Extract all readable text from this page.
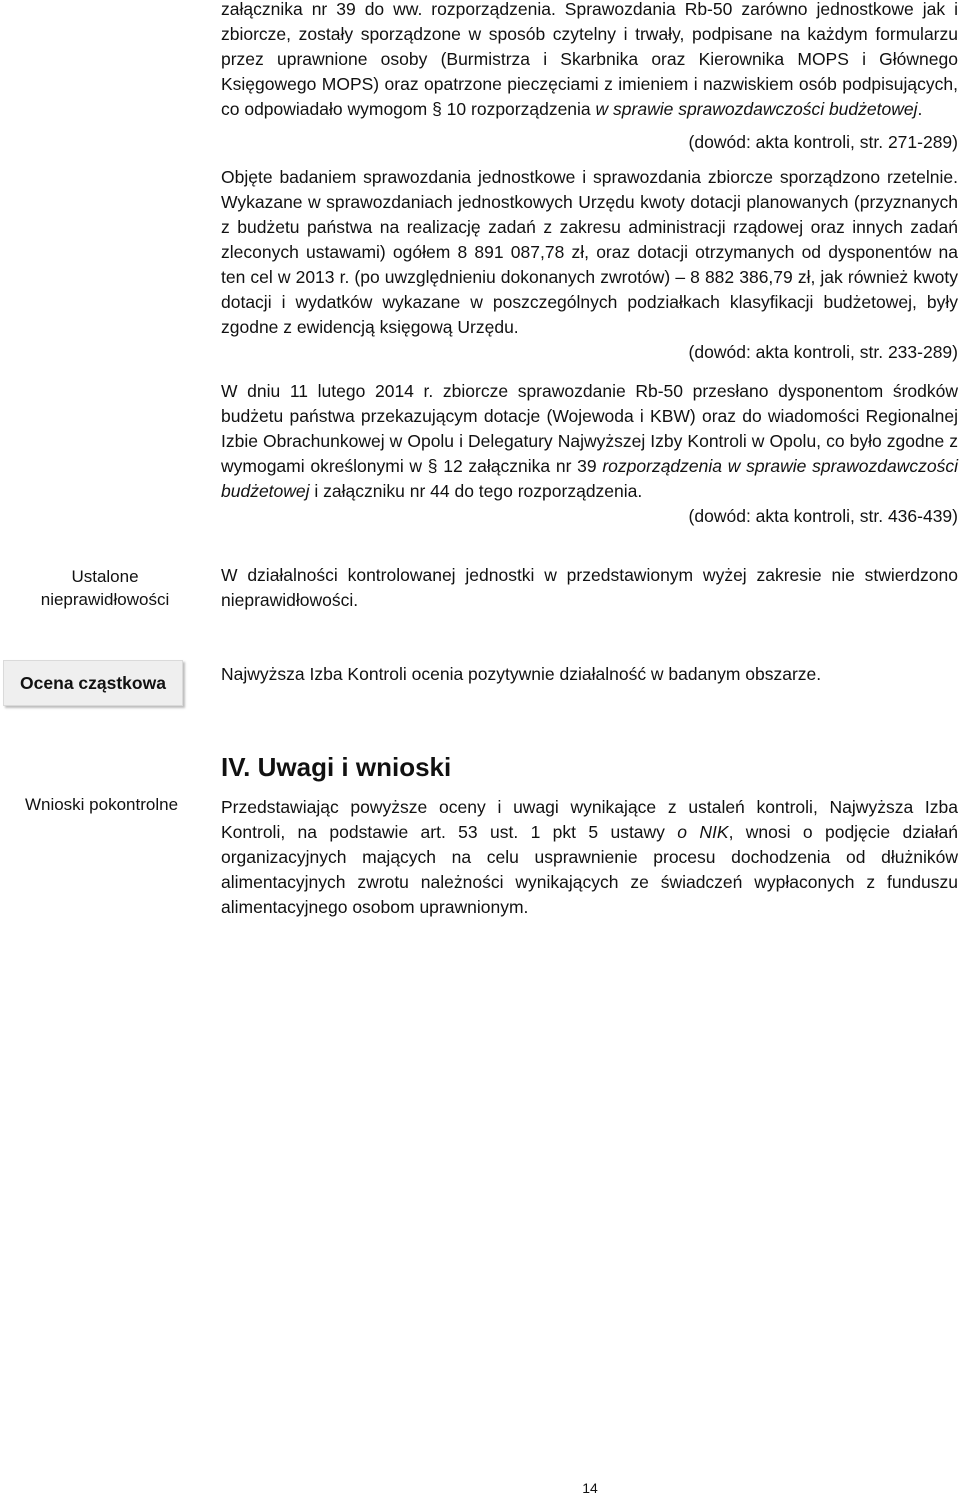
załącznika nr 39 do ww. rozporządzenia. Sprawozdania Rb-50 zarówno jednostkowe jak i zbiorcze, zostały sporządzone w sposób czytelny i trwały, podpisane na każdym formularzu przez uprawnione osoby (Burmistrza i Skarbnika oraz Kierownika MOPS i Głównego Księgowego MOPS) oraz opatrzone pieczęciami z imieniem i nazwiskiem osób podpisujących, co odpowiadało wymogom § 10 rozporządzenia w sprawie sprawozdawczości budżetowej.

(dowód: akta kontroli, str. 271-289)

Objęte badaniem sprawozdania jednostkowe i sprawozdania zbiorcze sporządzono rzetelnie. Wykazane w sprawozdaniach jednostkowych Urzędu kwoty dotacji planowanych (przyznanych z budżetu państwa na realizację zadań z zakresu administracji rządowej oraz innych zadań zleconych ustawami) ogółem 8 891 087,78 zł, oraz dotacji otrzymanych od dysponentów na ten cel w 2013 r. (po uwzględnieniu dokonanych zwrotów) – 8 882 386,79 zł, jak również kwoty dotacji i wydatków wykazane w poszczególnych podziałkach klasyfikacji budżetowej, były zgodne z ewidencją księgową Urzędu.

(dowód: akta kontroli, str. 233-289)

W dniu 11 lutego 2014 r. zbiorcze sprawozdanie Rb-50 przesłano dysponentom środków budżetu państwa przekazującym dotacje (Wojewoda i KBW) oraz do wiadomości Regionalnej Izbie Obrachunkowej w Opolu i Delegatury Najwyższej Izby Kontroli w Opolu, co było zgodne z wymogami określonymi w § 12 załącznika nr 39 rozporządzenia w sprawie sprawozdawczości budżetowej i załączniku nr 44 do tego rozporządzenia.

(dowód: akta kontroli, str. 436-439)
Ustalone nieprawidłowości

W działalności kontrolowanej jednostki w przedstawionym wyżej zakresie nie stwierdzono nieprawidłowości.

Ocena cząstkowa	Najwyższa Izba Kontroli ocenia pozytywnie działalność w badanym obszarze.

IV. Uwagi i wnioski
Wnioski pokontrolne	Przedstawiając powyższe oceny i uwagi wynikające z ustaleń kontroli, Najwyższa Izba Kontroli, na podstawie art. 53 ust. 1 pkt 5 ustawy o NIK, wnosi o podjęcie działań organizacyjnych mających na celu usprawnienie procesu dochodzenia od dłużników alimentacyjnych zwrotu należności wynikających ze świadczeń wypłaconych z funduszu alimentacyjnego osobom uprawnionym.

14
